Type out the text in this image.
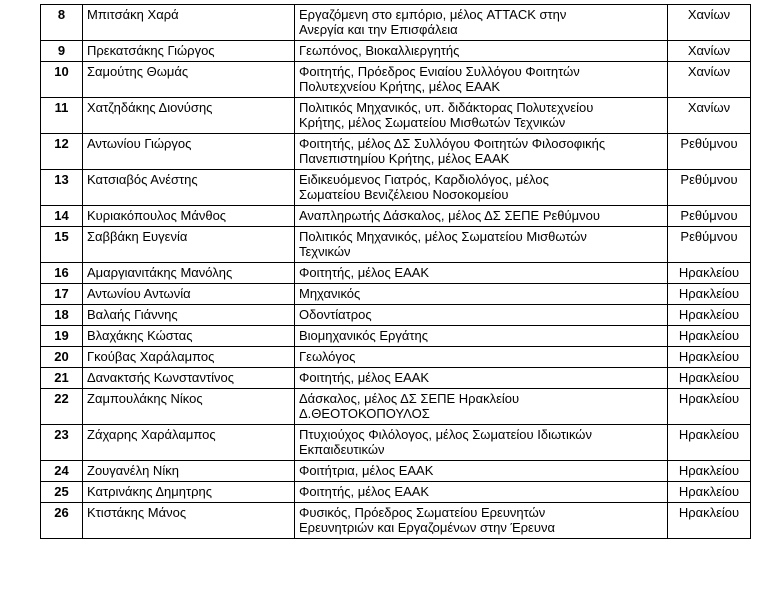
8	Μπιτσάκη Χαρά	Εργαζόμενη στο εμπόριο, μέλος ATTACK στην
Ανεργία και την Επισφάλεια	Χανίων
9	Πρεκατσάκης Γιώργος	Γεωπόνος, Βιοκαλλιεργητής	Χανίων
10	Σαμούτης Θωμάς	Φοιτητής, Πρόεδρος Ενιαίου Συλλόγου Φοιτητών
Πολυτεχνείου Κρήτης, μέλος ΕΑΑΚ	Χανίων
11	Χατζηδάκης Διονύσης	Πολιτικός Μηχανικός, υπ. διδάκτορας Πολυτεχνείου
Κρήτης, μέλος Σωματείου Μισθωτών Τεχνικών	Χανίων
12	Αντωνίου Γιώργος	Φοιτητής, μέλος ΔΣ Συλλόγου Φοιτητών Φιλοσοφικής
Πανεπιστημίου Κρήτης, μέλος ΕΑΑΚ	Ρεθύμνου
13	Κατσιαβός Ανέστης	Ειδικευόμενος Γιατρός, Καρδιολόγος, μέλος
Σωματείου Βενιζέλειου Νοσοκομείου	Ρεθύμνου
14	Κυριακόπουλος Μάνθος	Αναπληρωτής Δάσκαλος, μέλος ΔΣ ΣΕΠΕ Ρεθύμνου	Ρεθύμνου
15	Σαββάκη Ευγενία	Πολιτικός Μηχανικός, μέλος Σωματείου Μισθωτών
Τεχνικών	Ρεθύμνου
16	Αμαργιανιτάκης Μανόλης	Φοιτητής, μέλος ΕΑΑΚ	Ηρακλείου
17	Αντωνίου Αντωνία	Μηχανικός	Ηρακλείου
18	Βαλαής Γιάννης	Οδοντίατρος	Ηρακλείου
19	Βλαχάκης Κώστας	Βιομηχανικός Εργάτης	Ηρακλείου
20	Γκούβας Χαράλαμπος	Γεωλόγος	Ηρακλείου
21	Δανακτσής Κωνσταντίνος	Φοιτητής, μέλος ΕΑΑΚ	Ηρακλείου
22	Ζαμπουλάκης Νίκος	Δάσκαλος, μέλος ΔΣ ΣΕΠΕ Ηρακλείου
Δ.ΘΕΟΤΟΚΟΠΟΥΛΟΣ	Ηρακλείου
23	Ζάχαρης Χαράλαμπος	Πτυχιούχος Φιλόλογος, μέλος Σωματείου Ιδιωτικών
Εκπαιδευτικών	Ηρακλείου
24	Ζουγανέλη Νίκη	Φοιτήτρια, μέλος ΕΑΑΚ	Ηρακλείου
25	Κατρινάκης Δημητρης	Φοιτητής, μέλος ΕΑΑΚ	Ηρακλείου
26	Κτιστάκης Μάνος	Φυσικός, Πρόεδρος Σωματείου Ερευνητών
Ερευνητριών και Εργαζομένων στην Έρευνα	Ηρακλείου
